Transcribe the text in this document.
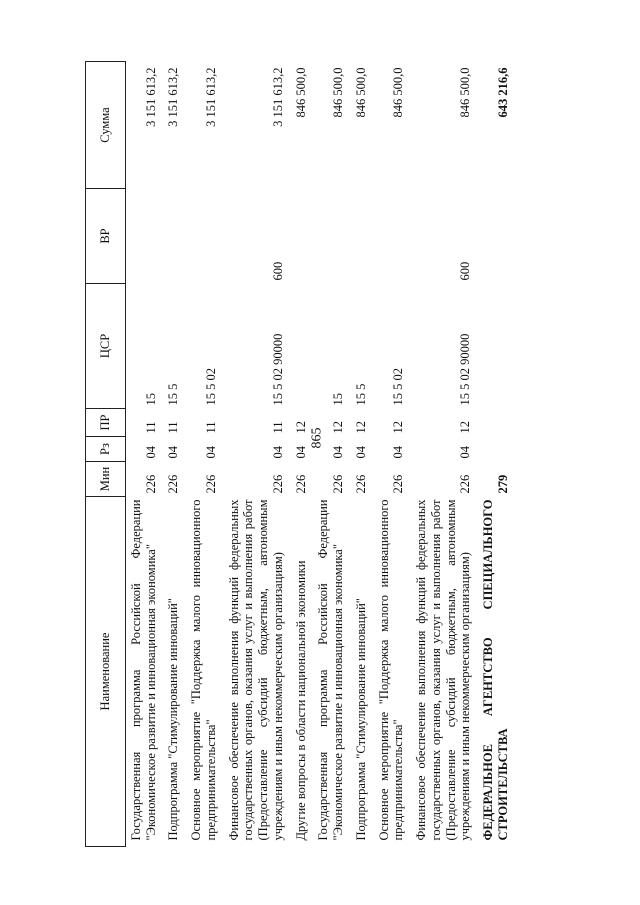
865
Наименование	Мин	Рз	ПР	ЦСР	ВР	Сумма
Государственная программа Российской Федерации "Экономическое развитие и инновационная экономика"	226	04	11	15		3 151 613,2
Подпрограмма "Стимулирование инноваций"	226	04	11	15 5		3 151 613,2
Основное мероприятие "Поддержка малого инновационного предпринимательства"	226	04	11	15 5 02		3 151 613,2
Финансовое обеспечение выполнения функций федеральных государственных органов, оказания услуг и выполнения работ (Предоставление субсидий бюджетным, автономным учреждениям и иным некоммерческим организациям)	226	04	11	15 5 02 90000	600	3 151 613,2
Другие вопросы в области национальной экономики	226	04	12			846 500,0
Государственная программа Российской Федерации "Экономическое развитие и инновационная экономика"	226	04	12	15		846 500,0
Подпрограмма "Стимулирование инноваций"	226	04	12	15 5		846 500,0
Основное мероприятие "Поддержка малого инновационного предпринимательства"	226	04	12	15 5 02		846 500,0
Финансовое обеспечение выполнения функций федеральных государственных органов, оказания услуг и выполнения работ (Предоставление субсидий бюджетным, автономным учреждениям и иным некоммерческим организациям)	226	04	12	15 5 02 90000	600	846 500,0
ФЕДЕРАЛЬНОЕ АГЕНТСТВО СПЕЦИАЛЬНОГО СТРОИТЕЛЬСТВА	279					643 216,6
